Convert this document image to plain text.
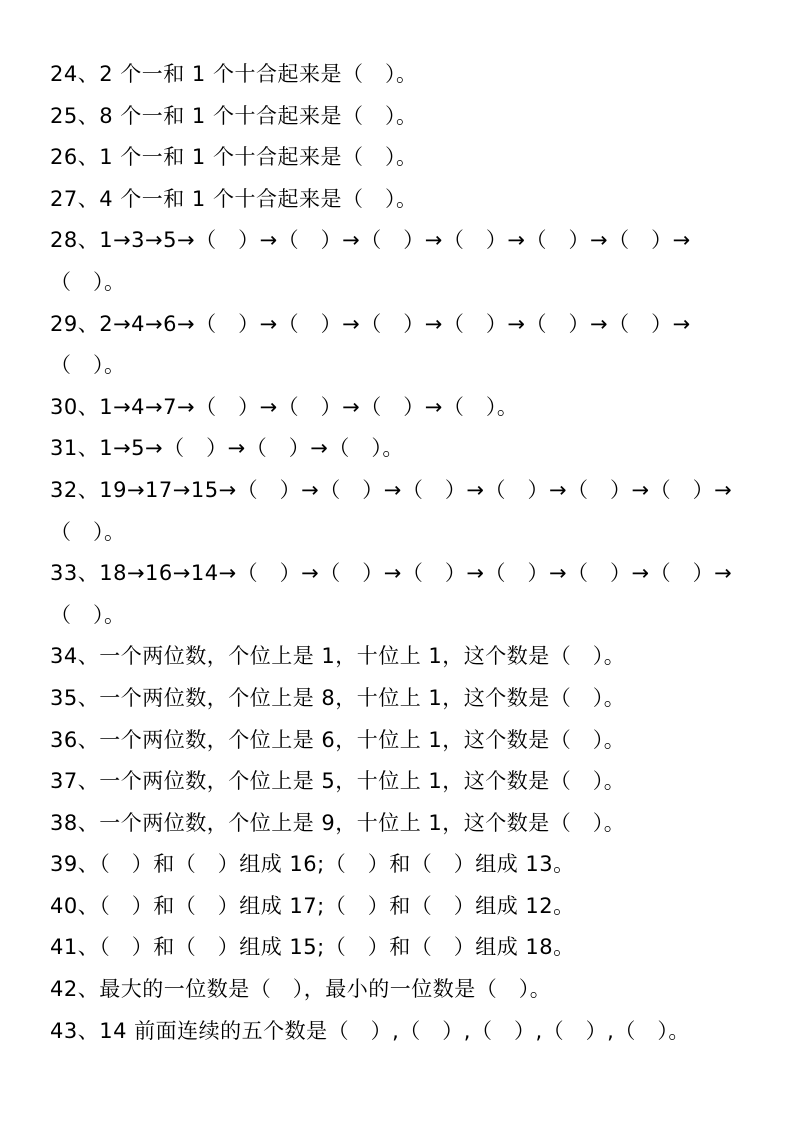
24、2 个一和 1 个十合起来是（　）。
25、8 个一和 1 个十合起来是（　）。
26、1 个一和 1 个十合起来是（　）。
27、4 个一和 1 个十合起来是（　）。
28、1→3→5→（　）→（　）→（　）→（　）→（　）→（　）→
（　）。
29、2→4→6→（　）→（　）→（　）→（　）→（　）→（　）→
（　）。
30、1→4→7→（　）→（　）→（　）→（　）。
31、1→5→（　）→（　）→（　）。
32、19→17→15→（　）→（　）→（　）→（　）→（　）→（　）→
（　）。
33、18→16→14→（　）→（　）→（　）→（　）→（　）→（　）→
（　）。
34、一个两位数，个位上是 1，十位上 1，这个数是（　）。
35、一个两位数，个位上是 8，十位上 1，这个数是（　）。
36、一个两位数，个位上是 6，十位上 1，这个数是（　）。
37、一个两位数，个位上是 5，十位上 1，这个数是（　）。
38、一个两位数，个位上是 9，十位上 1，这个数是（　）。
39、（　）和（　）组成 16;（　）和（　）组成 13。
40、（　）和（　）组成 17;（　）和（　）组成 12。
41、（　）和（　）组成 15;（　）和（　）组成 18。
42、最大的一位数是（　），最小的一位数是（　）。
43、14 前面连续的五个数是（　）,（　）,（　）,（　）,（　）。
